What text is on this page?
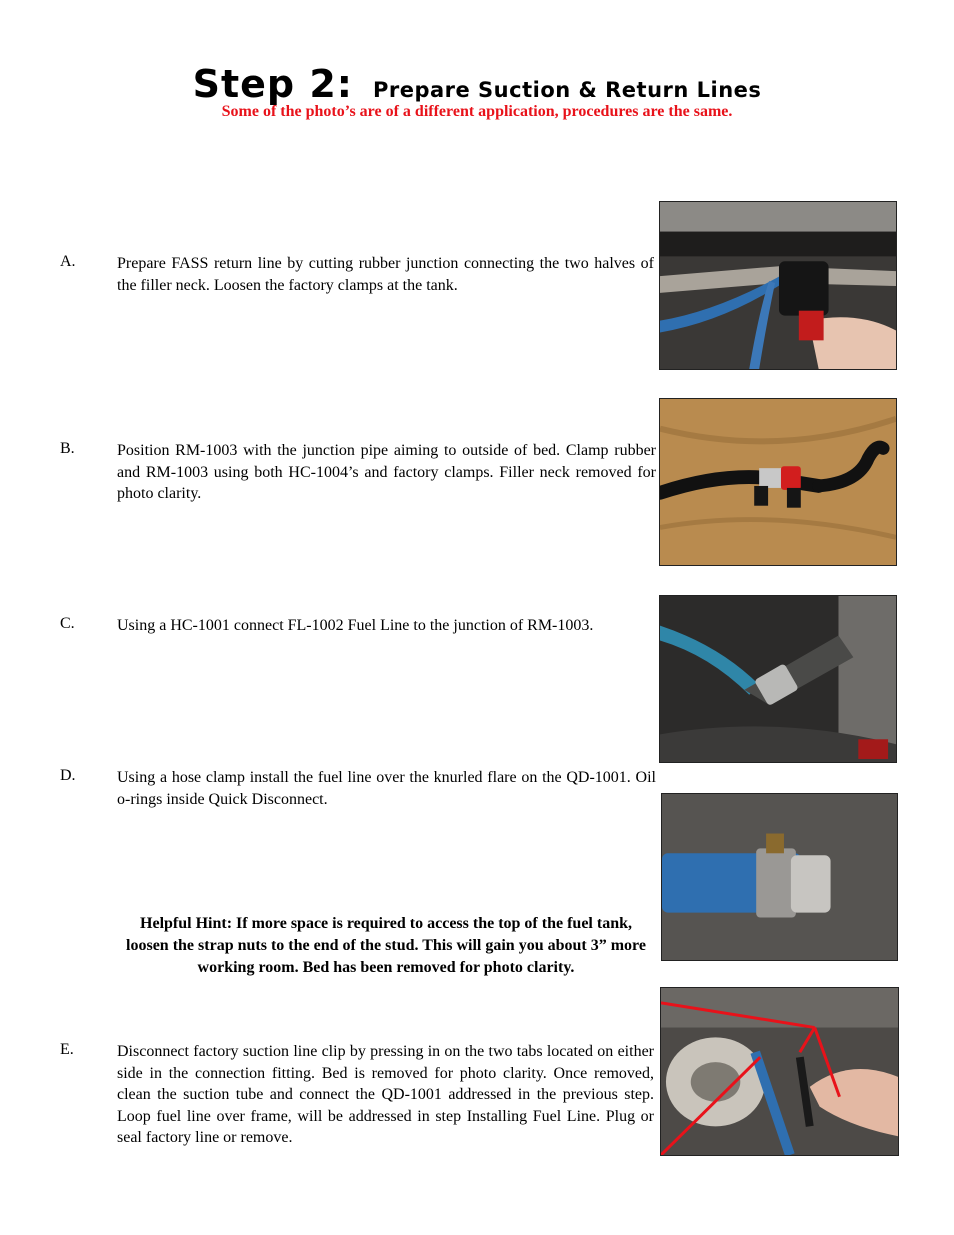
Step 2: Prepare Suction & Return Lines
Some of the photo’s are of a different application, procedures are the same.
A.	Prepare FASS return line by cutting rubber junction connecting the two halves of the filler neck. Loosen the factory clamps at the tank.
B.	Position RM-1003 with the junction pipe aiming to outside of bed. Clamp rubber and RM-1003 using both HC-1004’s and factory clamps. Filler neck removed for photo clarity.
C.	Using a HC-1001 connect FL-1002 Fuel Line to the junction of RM-1003.
D.	Using a hose clamp install the fuel line over the knurled flare on the QD-1001. Oil o-rings inside Quick Disconnect.
Helpful Hint: If more space is required to access the top of the fuel tank, loosen the strap nuts to the end of the stud. This will gain you about 3” more working room. Bed has been removed for photo clarity.
E.	Disconnect factory suction line clip by pressing in on the two tabs located on either side in the connection fitting. Bed is removed for photo clarity. Once removed, clean the suction tube and connect the QD-1001 addressed in the previous step. Loop fuel line over frame, will be addressed in step Installing Fuel Line. Plug or seal factory line or remove.
